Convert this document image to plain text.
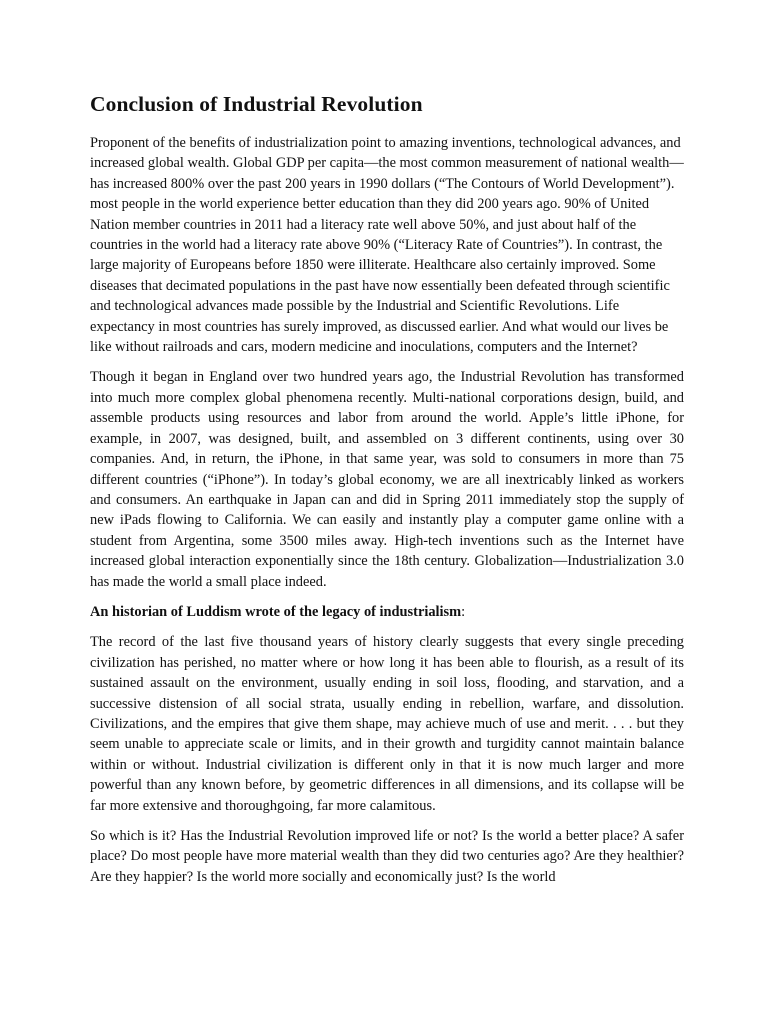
Conclusion of Industrial Revolution

Proponent of the benefits of industrialization point to amazing inventions, technological advances, and increased global wealth. Global GDP per capita—the most common measurement of national wealth—has increased 800% over the past 200 years in 1990 dollars (“The Contours of World Development”). most people in the world experience better education than they did 200 years ago. 90% of United Nation member countries in 2011 had a literacy rate well above 50%, and just about half of the countries in the world had a literacy rate above 90% (“Literacy Rate of Countries”). In contrast, the large majority of Europeans before 1850 were illiterate. Healthcare also certainly improved. Some diseases that decimated populations in the past have now essentially been defeated through scientific and technological advances made possible by the Industrial and Scientific Revolutions. Life expectancy in most countries has surely improved, as discussed earlier. And what would our lives be like without railroads and cars, modern medicine and inoculations, computers and the Internet?

Though it began in England over two hundred years ago, the Industrial Revolution has transformed into much more complex global phenomena recently. Multi-national corporations design, build, and assemble products using resources and labor from around the world. Apple’s little iPhone, for example, in 2007, was designed, built, and assembled on 3 different continents, using over 30 companies. And, in return, the iPhone, in that same year, was sold to consumers in more than 75 different countries (“iPhone”). In today’s global economy, we are all inextricably linked as workers and consumers. An earthquake in Japan can and did in Spring 2011 immediately stop the supply of new iPads flowing to California. We can easily and instantly play a computer game online with a student from Argentina, some 3500 miles away. High-tech inventions such as the Internet have increased global interaction exponentially since the 18th century. Globalization—Industrialization 3.0 has made the world a small place indeed.

An historian of Luddism wrote of the legacy of industrialism:

The record of the last five thousand years of history clearly suggests that every single preceding civilization has perished, no matter where or how long it has been able to flourish, as a result of its sustained assault on the environment, usually ending in soil loss, flooding, and starvation, and a successive distension of all social strata, usually ending in rebellion, warfare, and dissolution. Civilizations, and the empires that give them shape, may achieve much of use and merit. . . . but they seem unable to appreciate scale or limits, and in their growth and turgidity cannot maintain balance within or without. Industrial civilization is different only in that it is now much larger and more powerful than any known before, by geometric differences in all dimensions, and its collapse will be far more extensive and thoroughgoing, far more calamitous.

So which is it? Has the Industrial Revolution improved life or not? Is the world a better place? A safer place? Do most people have more material wealth than they did two centuries ago? Are they healthier? Are they happier? Is the world more socially and economically just? Is the world
